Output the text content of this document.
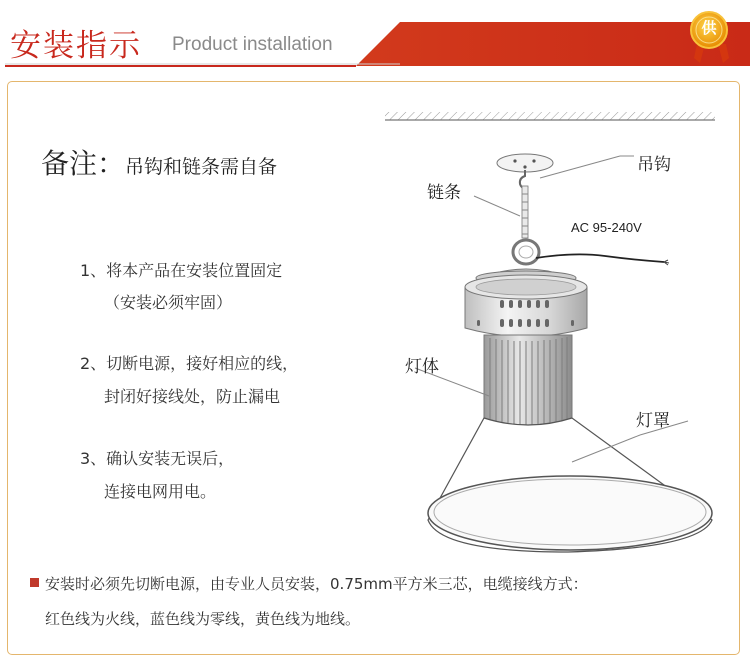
安装指示 Product installation
供
备注：吊钩和链条需自备
1、将本产品在安装位置固定
（安装必须牢固）
2、切断电源，接好相应的线，
封闭好接线处，防止漏电
3、确认安装无误后，
连接电网用电。
吊钩
链条
AC 95-240V
灯体
灯罩
安装时必须先切断电源，由专业人员安装，0.75mm平方米三芯，电缆接线方式：
红色线为火线，蓝色线为零线，黄色线为地线。
